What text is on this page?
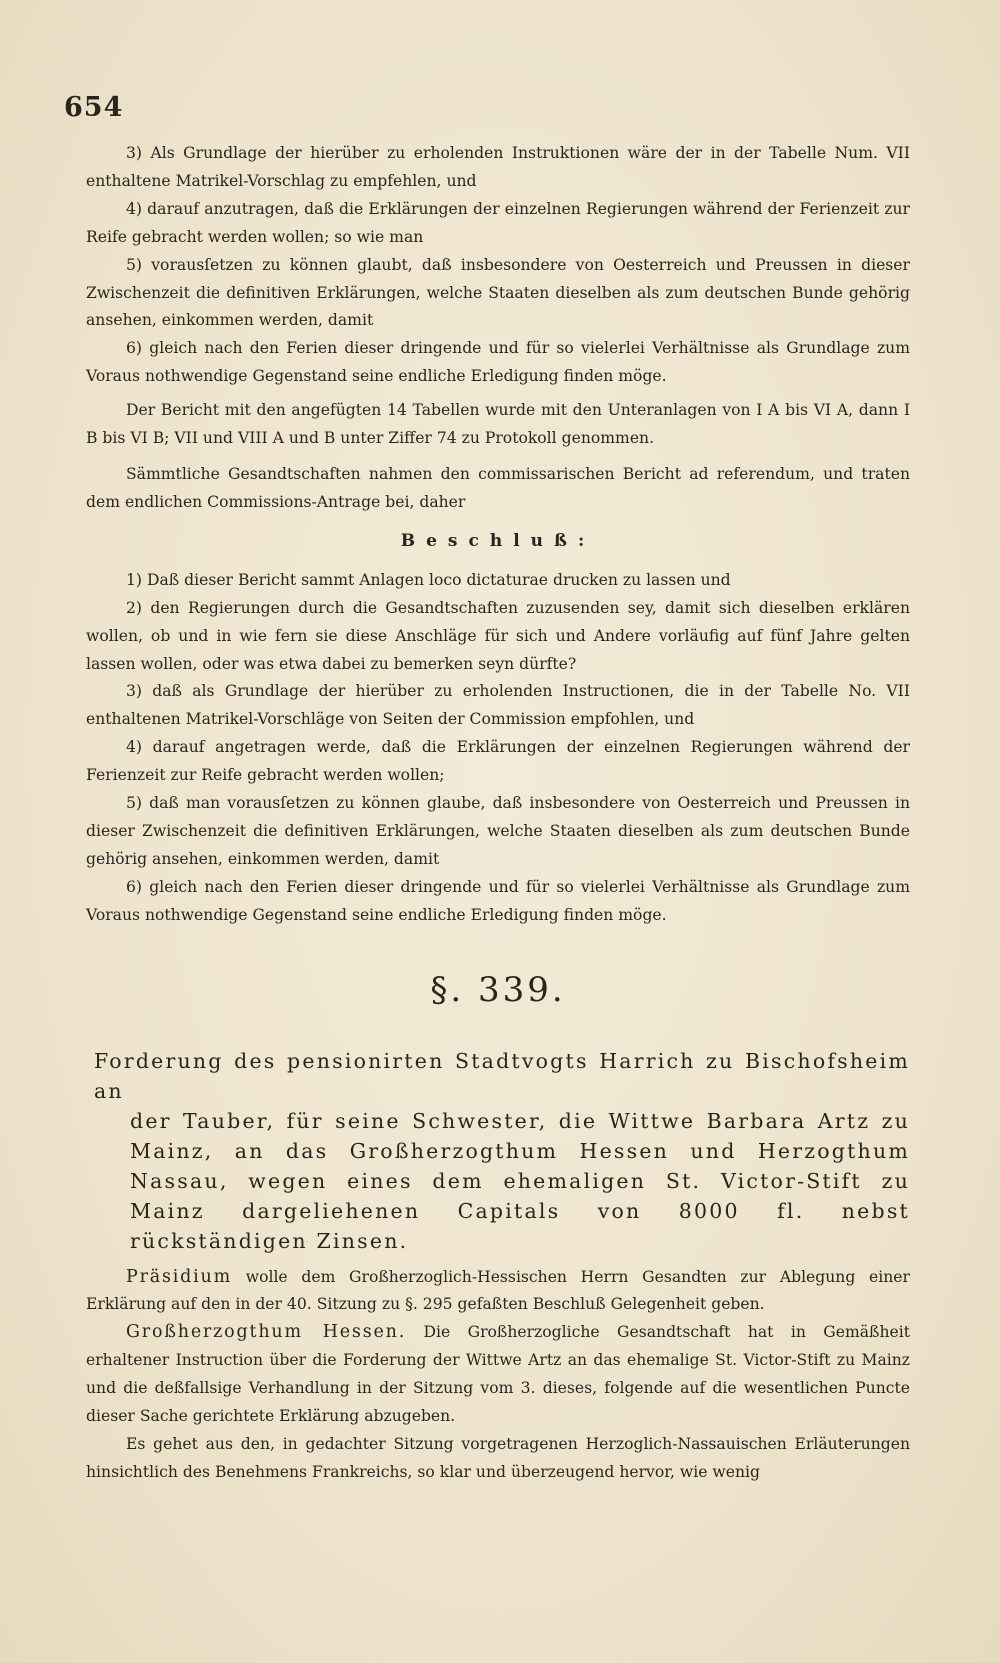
654

3) Als Grundlage der hierüber zu erholenden Instruktionen wäre der in der Tabelle Num. VII enthaltene Matrikel-Vorschlag zu empfehlen, und

4) darauf anzutragen, daß die Erklärungen der einzelnen Regierungen während der Ferienzeit zur Reife gebracht werden wollen; so wie man

5) vorausſetzen zu können glaubt, daß insbesondere von Oesterreich und Preussen in dieser Zwischenzeit die definitiven Erklärungen, welche Staaten dieselben als zum deutschen Bunde gehörig ansehen, einkommen werden, damit

6) gleich nach den Ferien dieser dringende und für so vielerlei Verhältnisse als Grundlage zum Voraus nothwendige Gegenstand seine endliche Erledigung finden möge.

Der Bericht mit den angefügten 14 Tabellen wurde mit den Unteranlagen von I A bis VI A, dann I B bis VI B; VII und VIII A und B unter Ziffer 74 zu Protokoll genommen.

Sämmtliche Gesandtschaften nahmen den commissarischen Bericht ad referendum, und traten dem endlichen Commissions-Antrage bei, daher

Beschluß:

1) Daß dieser Bericht sammt Anlagen loco dictaturae drucken zu lassen und

2) den Regierungen durch die Gesandtschaften zuzusenden sey, damit sich dieselben erklären wollen, ob und in wie fern sie diese Anschläge für sich und Andere vorläufig auf fünf Jahre gelten lassen wollen, oder was etwa dabei zu bemerken seyn dürfte?

3) daß als Grundlage der hierüber zu erholenden Instructionen, die in der Tabelle No. VII enthaltenen Matrikel-Vorschläge von Seiten der Commission empfohlen, und

4) darauf angetragen werde, daß die Erklärungen der einzelnen Regierungen während der Ferienzeit zur Reife gebracht werden wollen;

5) daß man vorausſetzen zu können glaube, daß insbesondere von Oesterreich und Preussen in dieser Zwischenzeit die definitiven Erklärungen, welche Staaten dieselben als zum deutschen Bunde gehörig ansehen, einkommen werden, damit

6) gleich nach den Ferien dieser dringende und für so vielerlei Verhältnisse als Grundlage zum Voraus nothwendige Gegenstand seine endliche Erledigung finden möge.

§. 339.
Forderung des pensionirten Stadtvogts Harrich zu Bischofsheim an
der Tauber, für seine Schwester, die Wittwe Barbara Artz zu Mainz, an das Großherzogthum Hessen und Herzogthum Nassau, wegen eines dem ehemaligen St. Victor-Stift zu Mainz dargeliehenen Capitals von 8000 fl. nebst rückständigen Zinsen.

Präsidium wolle dem Großherzoglich-Hessischen Herrn Gesandten zur Ablegung einer Erklärung auf den in der 40. Sitzung zu §. 295 gefaßten Beschluß Gelegenheit geben.

Großherzogthum Hessen. Die Großherzogliche Gesandtschaft hat in Gemäßheit erhaltener Instruction über die Forderung der Wittwe Artz an das ehemalige St. Victor-Stift zu Mainz und die deßfallsige Verhandlung in der Sitzung vom 3. dieses, folgende auf die wesentlichen Puncte dieser Sache gerichtete Erklärung abzugeben.

Es gehet aus den, in gedachter Sitzung vorgetragenen Herzoglich-Nassauischen Erläuterungen hinsichtlich des Benehmens Frankreichs, so klar und überzeugend hervor, wie wenig
